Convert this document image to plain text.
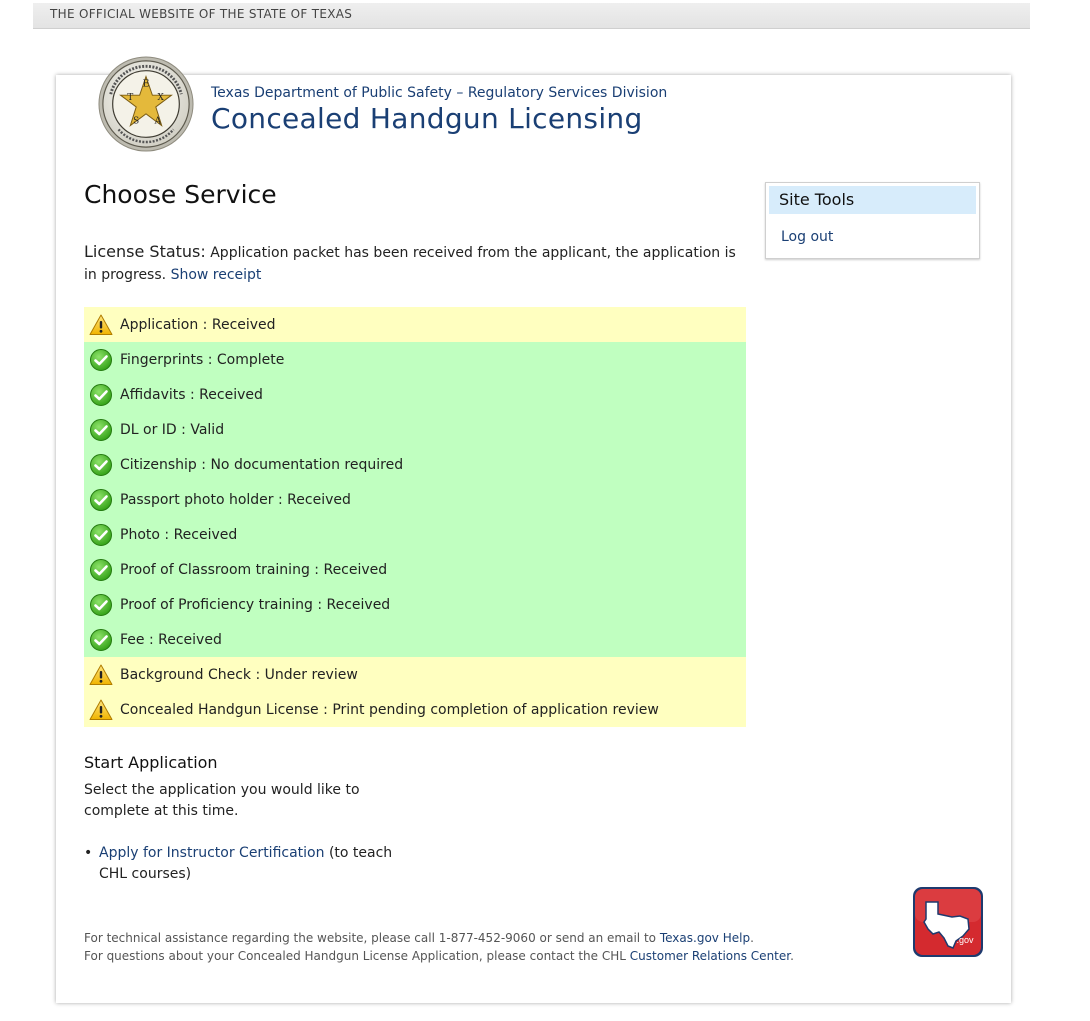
THE OFFICIAL WEBSITE OF THE STATE OF TEXAS
E
X
T
A
S
Texas Department of Public Safety – Regulatory Services Division
Concealed Handgun Licensing
Choose Service
License Status: Application packet has been received from the applicant, the application is in progress. Show receipt
Application : Received
Fingerprints : Complete
Affidavits : Received
DL or ID : Valid
Citizenship : No documentation required
Passport photo holder : Received
Photo : Received
Proof of Classroom training : Received
Proof of Proficiency training : Received
Fee : Received
Background Check : Under review
Concealed Handgun License : Print pending completion of application review
Start Application
Select the application you would like to complete at this time.
• Apply for Instructor Certification (to teach CHL courses)
For technical assistance regarding the website, please call 1-877-452-9060 or send an email to Texas.gov Help.
For questions about your Concealed Handgun License Application, please contact the CHL Customer Relations Center.
Site Tools
Log out
.gov
